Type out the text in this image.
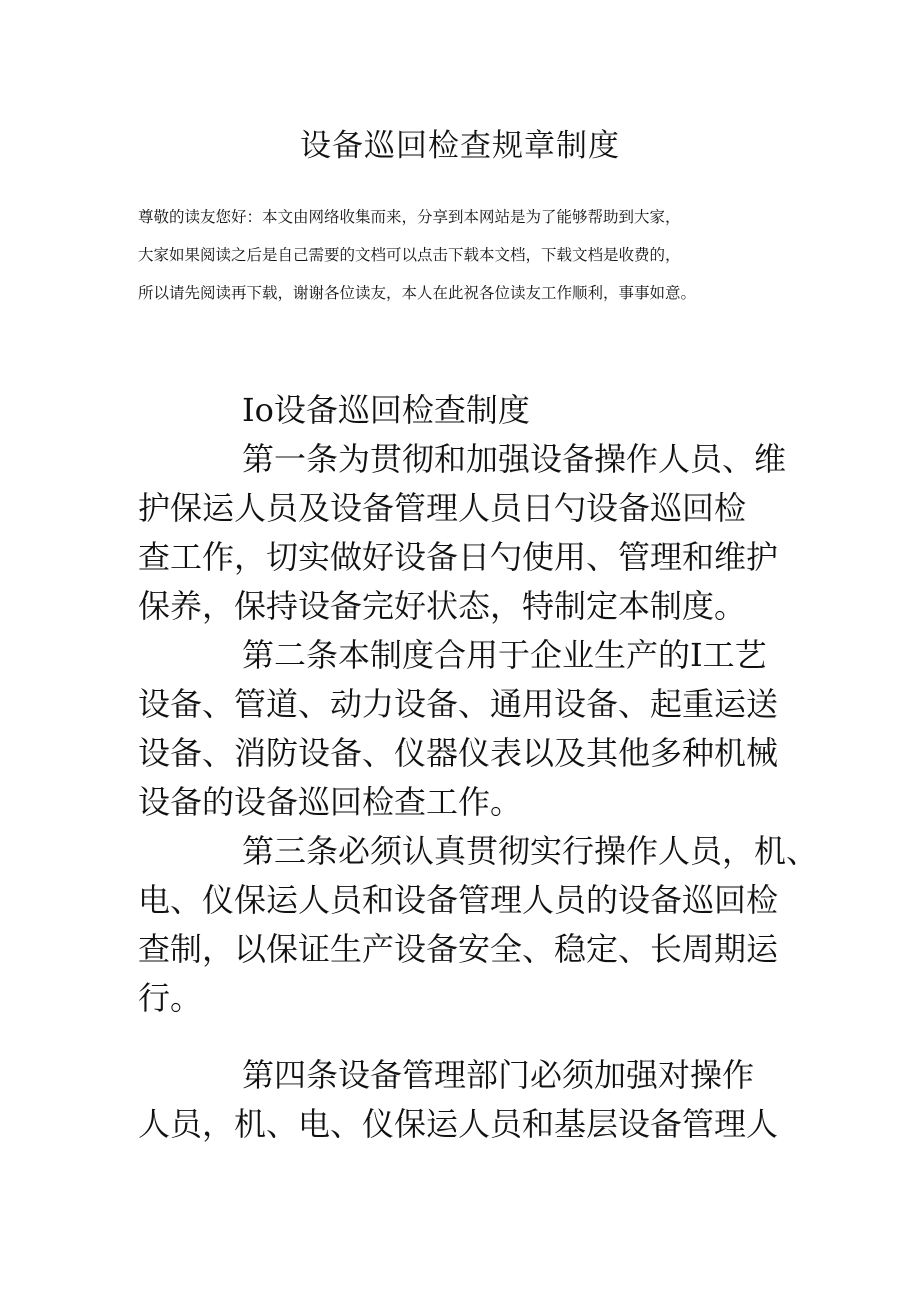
设备巡回检查规章制度
尊敬的读友您好：本文由网络收集而来，分享到本网站是为了能够帮助到大家，
大家如果阅读之后是自己需要的文档可以点击下载本文档，下载文档是收费的，
所以请先阅读再下载，谢谢各位读友，本人在此祝各位读友工作顺利，事事如意。
Io设备巡回检查制度
第一条为贯彻和加强设备操作人员、维
护保运人员及设备管理人员日勺设备巡回检
查工作，切实做好设备日勺使用、管理和维护
保养，保持设备完好状态，特制定本制度。
第二条本制度合用于企业生产的I工艺
设备、管道、动力设备、通用设备、起重运送
设备、消防设备、仪器仪表以及其他多种机械
设备的设备巡回检查工作。
第三条必须认真贯彻实行操作人员，机、
电、仪保运人员和设备管理人员的设备巡回检
查制，以保证生产设备安全、稳定、长周期运
行。
第四条设备管理部门必须加强对操作
人员，机、电、仪保运人员和基层设备管理人
